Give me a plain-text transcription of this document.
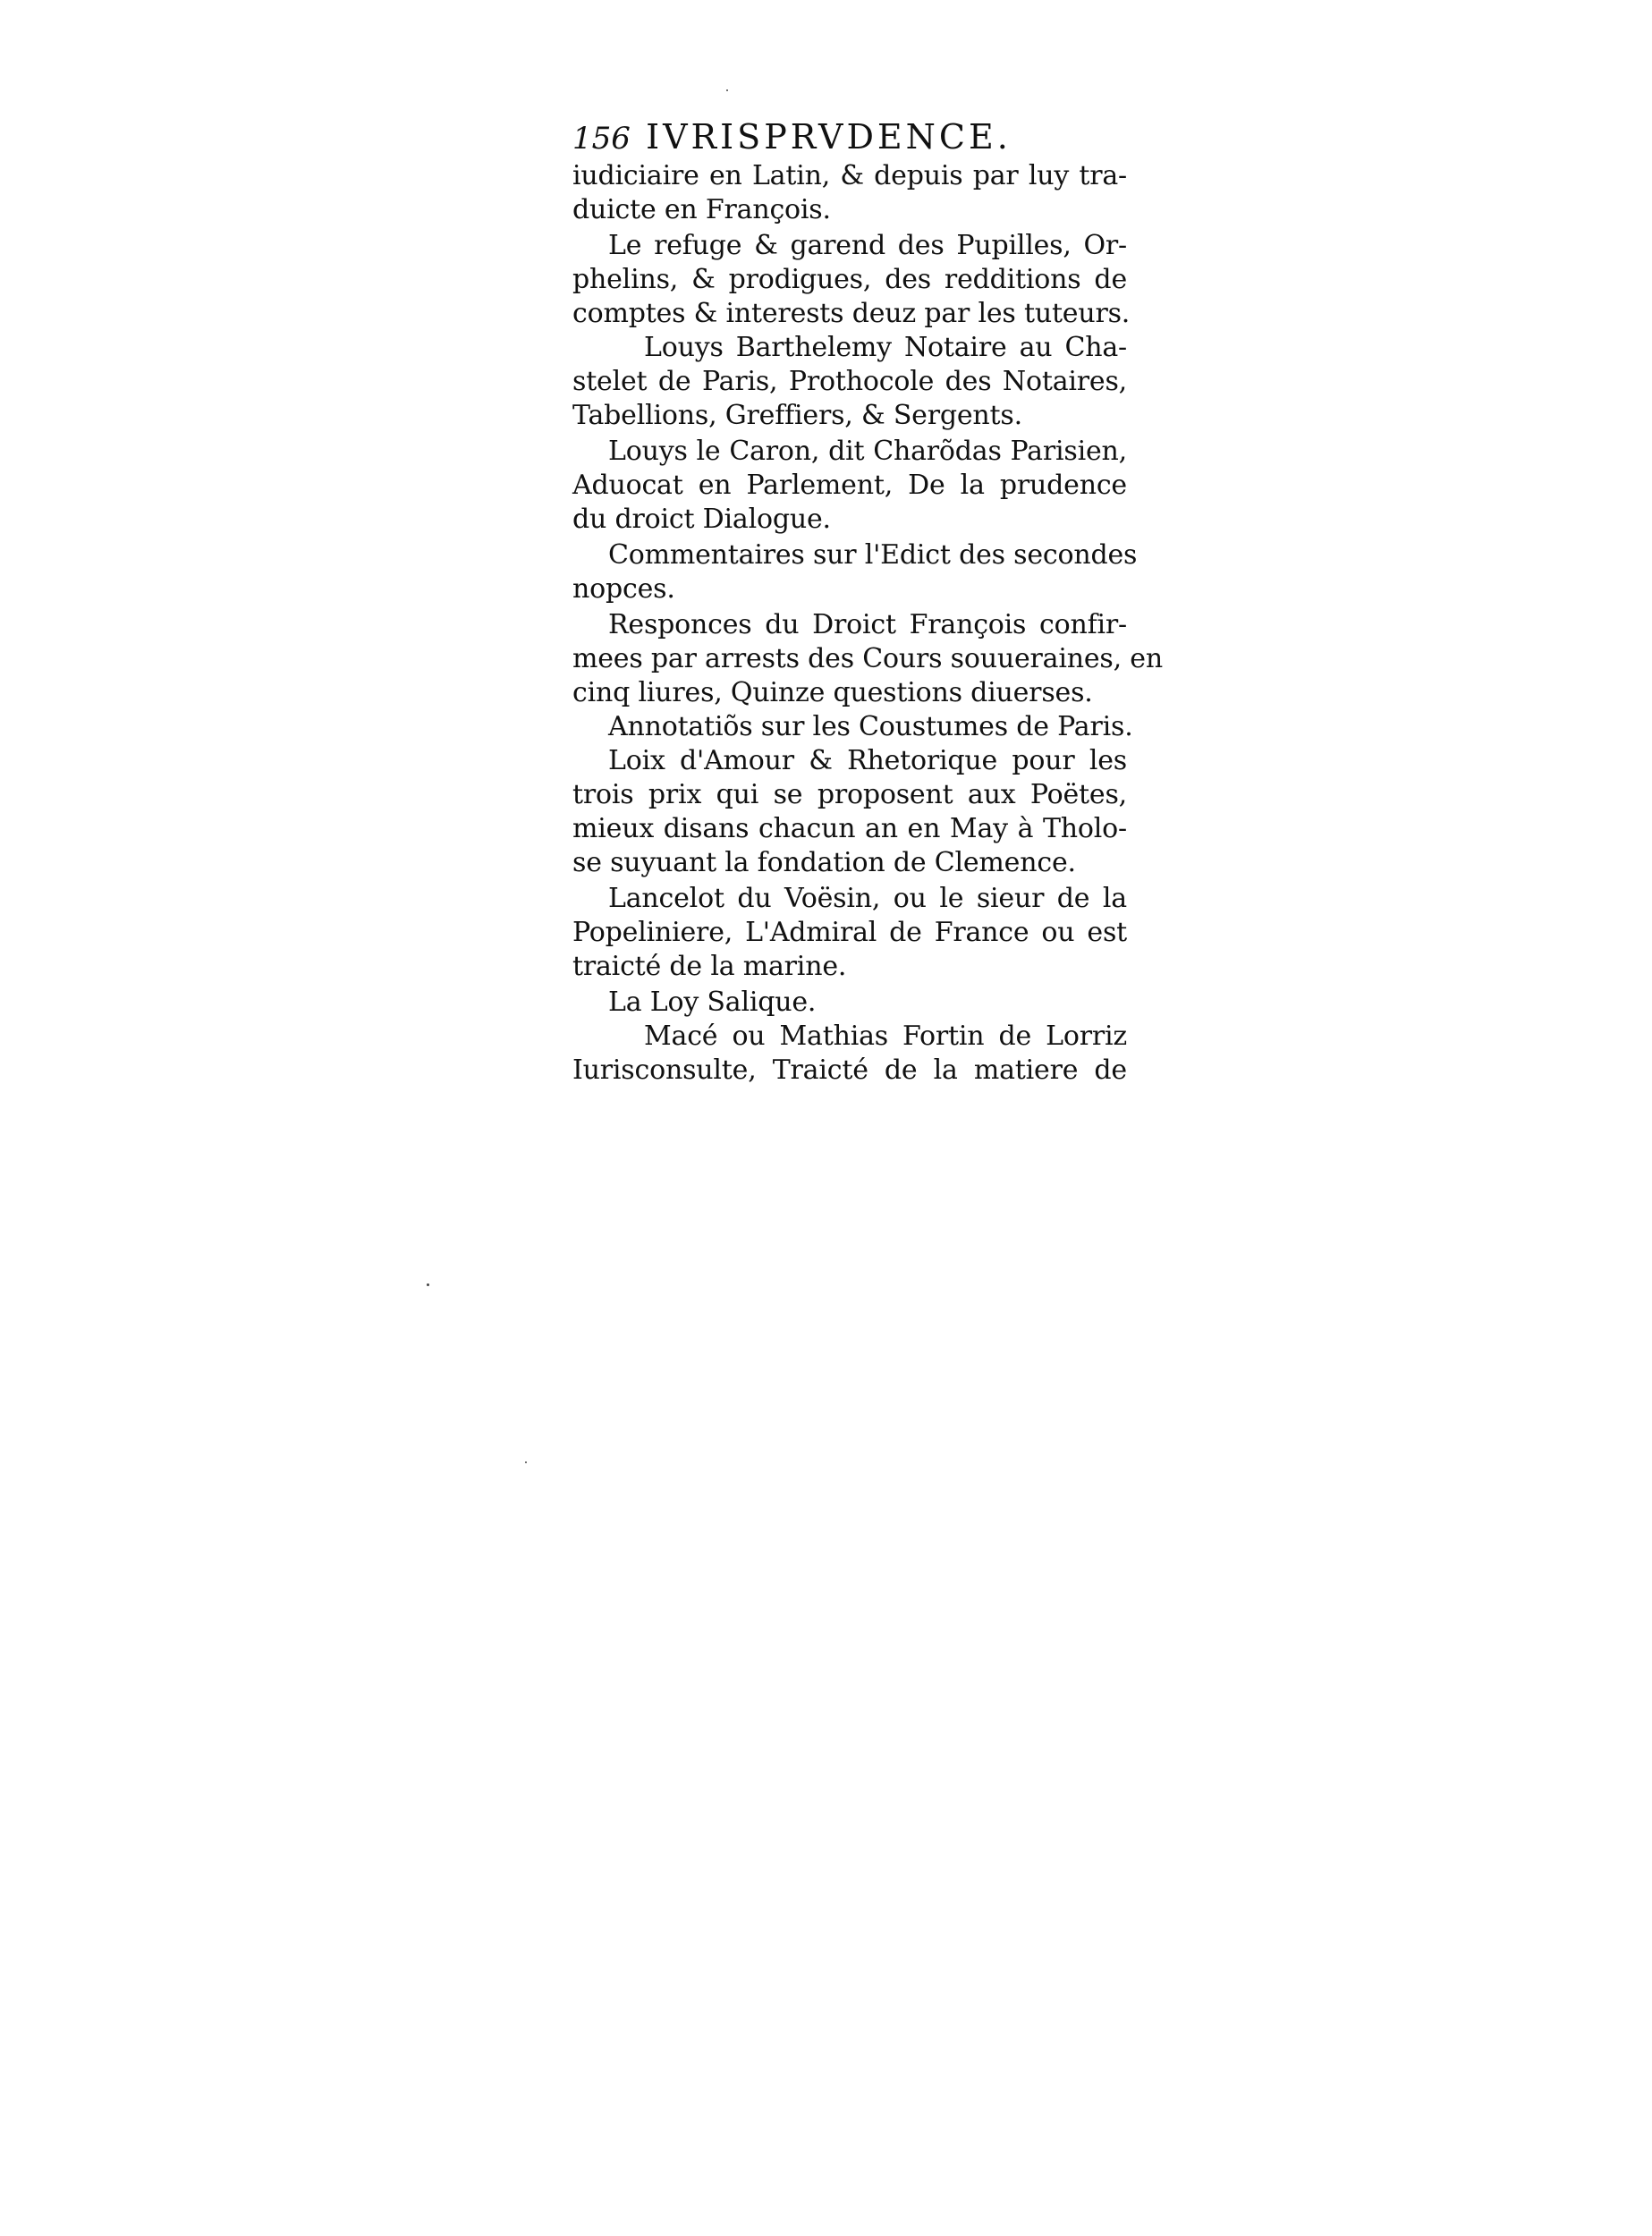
156 IVRISPRVDENCE.
iudiciaire en Latin, & depuis par luy tra-
duicte en François.
Le refuge & garend des Pupilles, Or-
phelins, & prodigues, des redditions de
comptes & interests deuz par les tuteurs.
Louys Barthelemy Notaire au Cha-
stelet de Paris, Prothocole des Notaires,
Tabellions, Greffiers, & Sergents.
Louys le Caron, dit Charõdas Parisien,
Aduocat en Parlement, De la prudence
du droict Dialogue.
Commentaires sur l'Edict des secondes
nopces.
Responces du Droict François confir-
mees par arrests des Cours souueraines, en
cinq liures, Quinze questions diuerses.
Annotatiõs sur les Coustumes de Paris.
Loix d'Amour & Rhetorique pour les
trois prix qui se proposent aux Poëtes,
mieux disans chacun an en May à Tholo-
se suyuant la fondation de Clemence.
Lancelot du Voësin, ou le sieur de la
Popeliniere, L'Admiral de France ou est
traicté de la marine.
La Loy Salique.
Macé ou Mathias Fortin de Lorriz
Iurisconsulte, Traicté de la matiere de
